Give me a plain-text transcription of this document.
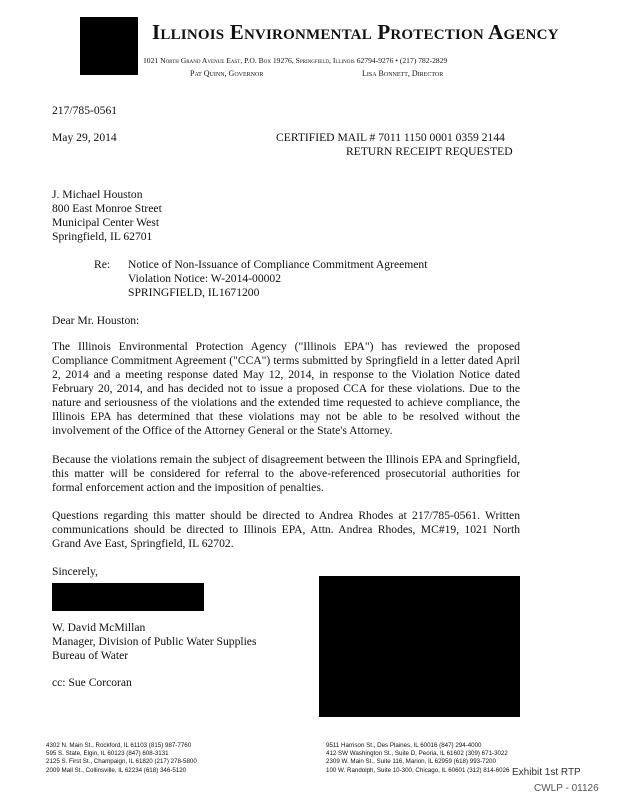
Illinois Environmental Protection Agency
1021 North Grand Avenue East, P.O. Box 19276, Springfield, Illinois 62794-9276 • (217) 782-2829
Pat Quinn, Governor	Lisa Bonnett, Director
217/785-0561
May 29, 2014	CERTIFIED MAIL # 7011 1150 0001 0359 2144
RETURN RECEIPT REQUESTED
J. Michael Houston
800 East Monroe Street
Municipal Center West
Springfield, IL 62701
Re: Notice of Non-Issuance of Compliance Commitment Agreement
Violation Notice: W-2014-00002
SPRINGFIELD, IL1671200
Dear Mr. Houston:
The Illinois Environmental Protection Agency ("Illinois EPA") has reviewed the proposed Compliance Commitment Agreement ("CCA") terms submitted by Springfield in a letter dated April 2, 2014 and a meeting response dated May 12, 2014, in response to the Violation Notice dated February 20, 2014, and has decided not to issue a proposed CCA for these violations. Due to the nature and seriousness of the violations and the extended time requested to achieve compliance, the Illinois EPA has determined that these violations may not be able to be resolved without the involvement of the Office of the Attorney General or the State's Attorney.
Because the violations remain the subject of disagreement between the Illinois EPA and Springfield, this matter will be considered for referral to the above-referenced prosecutorial authorities for formal enforcement action and the imposition of penalties.
Questions regarding this matter should be directed to Andrea Rhodes at 217/785-0561. Written communications should be directed to Illinois EPA, Attn. Andrea Rhodes, MC#19, 1021 North Grand Ave East, Springfield, IL 62702.
Sincerely,
W. David McMillan
Manager, Division of Public Water Supplies
Bureau of Water
cc: Sue Corcoran
4302 N. Main St., Rockford, IL 61103 (815) 987-7760
595 S. State, Elgin, IL 60123 (847) 608-3131
2125 S. First St., Champaign, IL 61820 (217) 278-5800
2009 Mall St., Collinsville, IL 62234 (618) 346-5120
9511 Harrison St., Des Plaines, IL 60016 (847) 294-4000
412 SW Washington St., Suite D, Peoria, IL 61602 (309) 671-3022
2309 W. Main St., Suite 116, Marion, IL 62959 (618) 993-7200
100 W. Randolph, Suite 10-300, Chicago, IL 60601 (312) 814-6026 Exhibit 1st RTP
CWLP - 01126
